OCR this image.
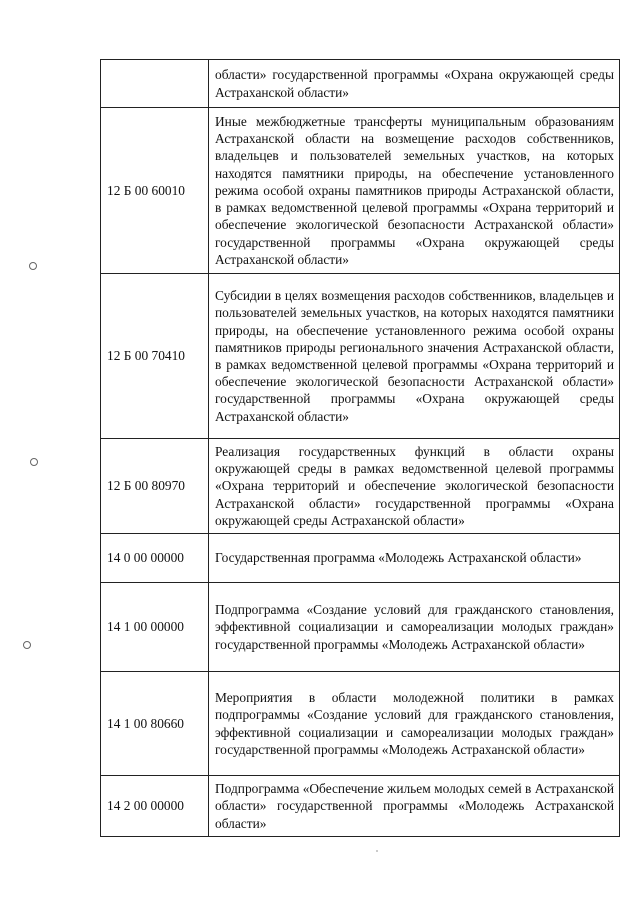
	области» государственной программы «Охрана окружающей среды Астраханской области»
12 Б 00 60010	Иные межбюджетные трансферты муниципальным образованиям Астраханской области на возмещение расходов собственников, владельцев и пользователей земельных участков, на которых находятся памятники природы, на обеспечение установленного режима особой охраны памятников природы Астраханской области, в рамках ведомственной целевой программы «Охрана территорий и обеспечение экологической безопасности Астраханской области» государственной программы «Охрана окружающей среды Астраханской области»
12 Б 00 70410	Субсидии в целях возмещения расходов собственников, владельцев и пользователей земельных участков, на которых находятся памятники природы, на обеспечение установленного режима особой охраны памятников природы регионального значения Астраханской области, в рамках ведомственной целевой программы «Охрана территорий и обеспечение экологической безопасности Астраханской области» государственной программы «Охрана окружающей среды Астраханской области»
12 Б 00 80970	Реализация государственных функций в области охраны окружающей среды в рамках ведомственной целевой программы «Охрана территорий и обеспечение экологической безопасности Астраханской области» государственной программы «Охрана окружающей среды Астраханской области»
14 0 00 00000	Государственная программа «Молодежь Астраханской области»
14 1 00 00000	Подпрограмма «Создание условий для гражданского становления, эффективной социализации и самореализации молодых граждан» государственной программы «Молодежь Астраханской области»
14 1 00 80660	Мероприятия в области молодежной политики в рамках подпрограммы «Создание условий для гражданского становления, эффективной социализации и самореализации молодых граждан» государственной программы «Молодежь Астраханской области»
14 2 00 00000	Подпрограмма «Обеспечение жильем молодых семей в Астраханской области» государственной программы «Молодежь Астраханской области»
